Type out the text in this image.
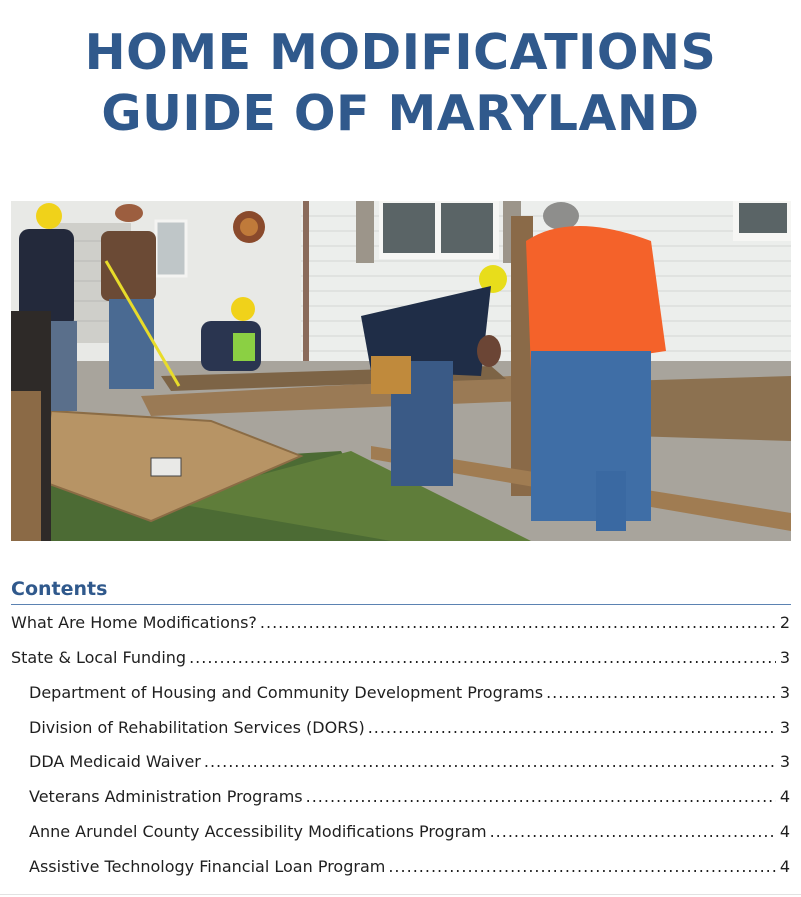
HOME MODIFICATIONS
GUIDE OF MARYLAND
Contents
What Are Home Modifications? .....	2
State & Local Funding .....	3
Department of Housing and Community Development Programs .....	3
Division of Rehabilitation Services (DORS) .....	3
DDA Medicaid Waiver .....	3
Veterans Administration Programs .....	4
Anne Arundel County Accessibility Modifications Program .....	4
Assistive Technology Financial Loan Program .....	4
